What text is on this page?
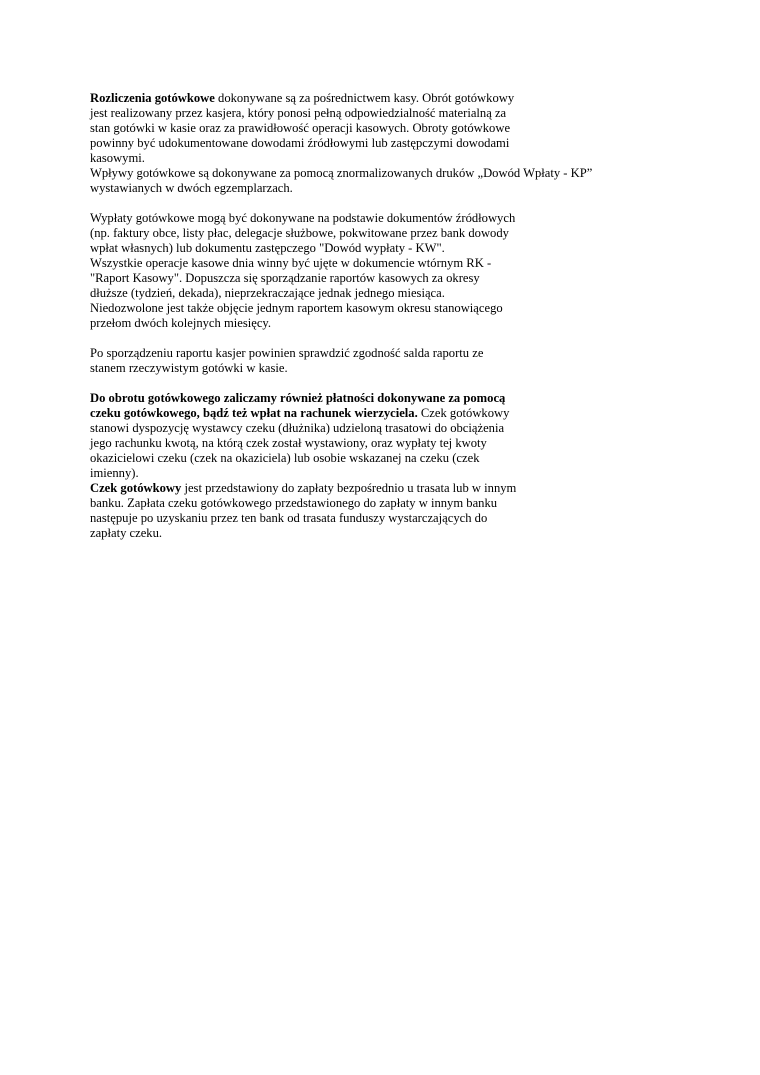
Rozliczenia gotówkowe dokonywane są za pośrednictwem kasy. Obrót gotówkowy
jest realizowany przez kasjera, który ponosi pełną odpowiedzialność materialną za
stan gotówki w kasie oraz za prawidłowość operacji kasowych. Obroty gotówkowe
powinny być udokumentowane dowodami źródłowymi lub zastępczymi dowodami
kasowymi.
Wpływy gotówkowe są dokonywane za pomocą znormalizowanych druków „Dowód Wpłaty - KP”
wystawianych w dwóch egzemplarzach.
Wypłaty gotówkowe mogą być dokonywane na podstawie dokumentów źródłowych
(np. faktury obce, listy płac, delegacje służbowe, pokwitowane przez bank dowody
wpłat własnych) lub dokumentu zastępczego "Dowód wypłaty - KW".
Wszystkie operacje kasowe dnia winny być ujęte w dokumencie wtórnym RK -
"Raport Kasowy". Dopuszcza się sporządzanie raportów kasowych za okresy
dłuższe (tydzień, dekada), nieprzekraczające jednak jednego miesiąca.
Niedozwolone jest także objęcie jednym raportem kasowym okresu stanowiącego
przełom dwóch kolejnych miesięcy.
Po sporządzeniu raportu kasjer powinien sprawdzić zgodność salda raportu ze
stanem rzeczywistym gotówki w kasie.
Do obrotu gotówkowego zaliczamy również płatności dokonywane za pomocą
czeku gotówkowego, bądź też wpłat na rachunek wierzyciela. Czek gotówkowy
stanowi dyspozycję wystawcy czeku (dłużnika) udzieloną trasatowi do obciążenia
jego rachunku kwotą, na którą czek został wystawiony, oraz wypłaty tej kwoty
okazicielowi czeku (czek na okaziciela) lub osobie wskazanej na czeku (czek
imienny).
Czek gotówkowy jest przedstawiony do zapłaty bezpośrednio u trasata lub w innym
banku. Zapłata czeku gotówkowego przedstawionego do zapłaty w innym banku
następuje po uzyskaniu przez ten bank od trasata funduszy wystarczających do
zapłaty czeku.
